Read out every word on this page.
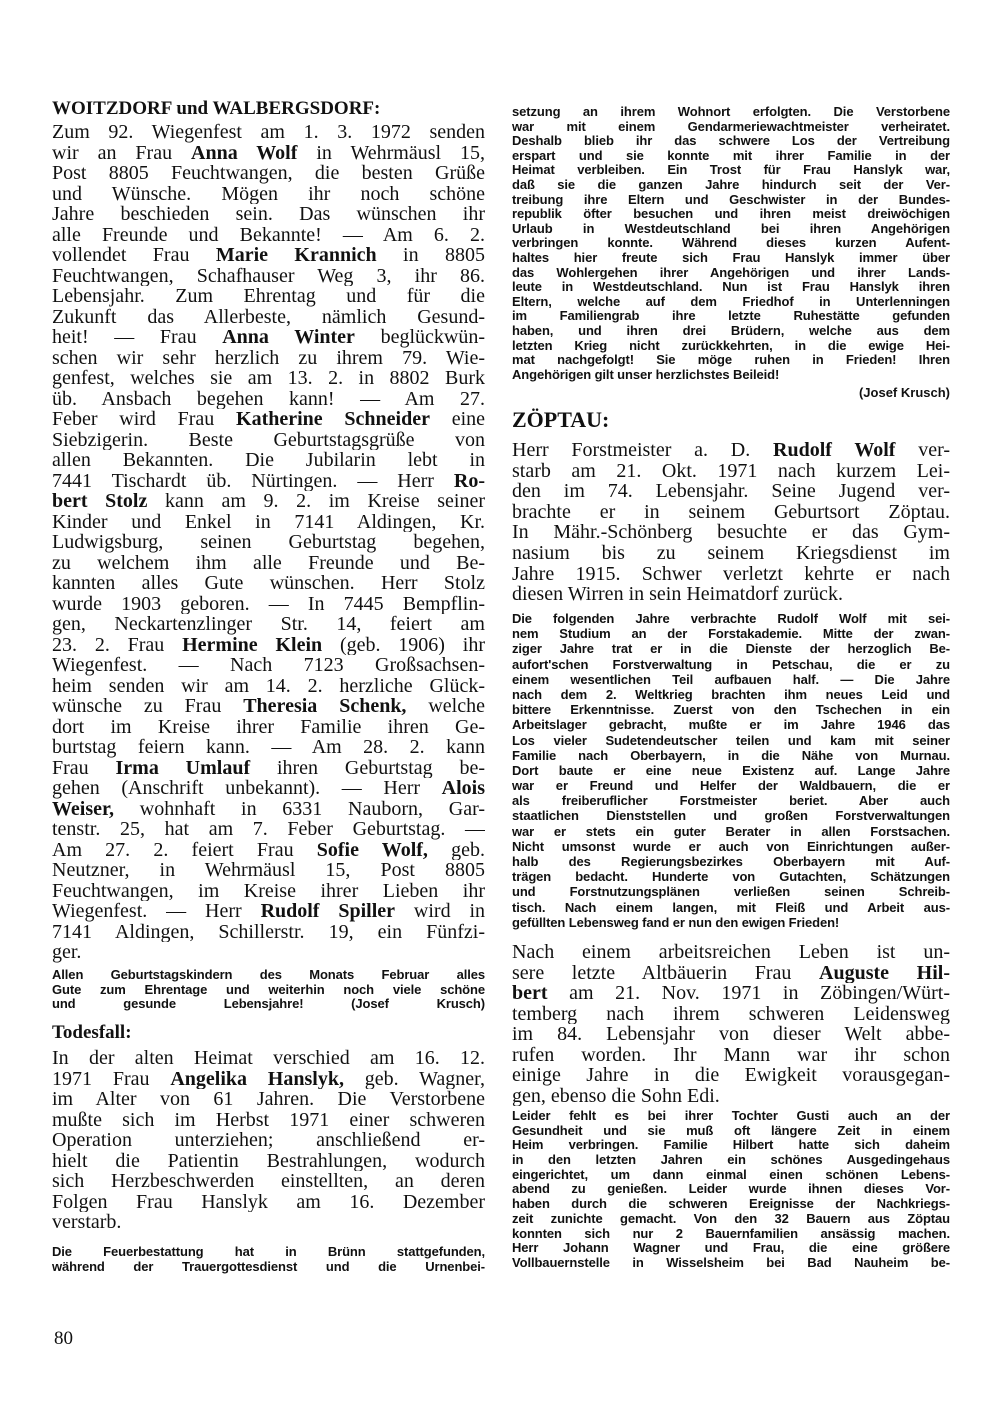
WOITZDORF und WALBERGSDORF:
Zum 92. Wiegenfest am 1. 3. 1972 senden
wir an Frau Anna Wolf in Wehrmäusl 15,
Post 8805 Feuchtwangen, die besten Grüße
und Wünsche. Mögen ihr noch schöne
Jahre beschieden sein. Das wünschen ihr
alle Freunde und Bekannte! — Am 6. 2.
vollendet Frau Marie Krannich in 8805
Feuchtwangen, Schafhauser Weg 3, ihr 86.
Lebensjahr. Zum Ehrentag und für die
Zukunft das Allerbeste, nämlich Gesund-
heit! — Frau Anna Winter beglückwün-
schen wir sehr herzlich zu ihrem 79. Wie-
genfest, welches sie am 13. 2. in 8802 Burk
üb. Ansbach begehen kann! — Am 27.
Feber wird Frau Katherine Schneider eine
Siebzigerin. Beste Geburtstagsgrüße von
allen Bekannten. Die Jubilarin lebt in
7441 Tischardt üb. Nürtingen. — Herr Ro-
bert Stolz kann am 9. 2. im Kreise seiner
Kinder und Enkel in 7141 Aldingen, Kr.
Ludwigsburg, seinen Geburtstag begehen,
zu welchem ihm alle Freunde und Be-
kannten alles Gute wünschen. Herr Stolz
wurde 1903 geboren. — In 7445 Bempflin-
gen, Neckartenzlinger Str. 14, feiert am
23. 2. Frau Hermine Klein (geb. 1906) ihr
Wiegenfest. — Nach 7123 Großsachsen-
heim senden wir am 14. 2. herzliche Glück-
wünsche zu Frau Theresia Schenk, welche
dort im Kreise ihrer Familie ihren Ge-
burtstag feiern kann. — Am 28. 2. kann
Frau Irma Umlauf ihren Geburtstag be-
gehen (Anschrift unbekannt). — Herr Alois
Weiser, wohnhaft in 6331 Nauborn, Gar-
tenstr. 25, hat am 7. Feber Geburtstag. —
Am 27. 2. feiert Frau Sofie Wolf, geb.
Neutzner, in Wehrmäusl 15, Post 8805
Feuchtwangen, im Kreise ihrer Lieben ihr
Wiegenfest. — Herr Rudolf Spiller wird in
7141 Aldingen, Schillerstr. 19, ein Fünfzi-
ger.
Allen Geburtstagskindern des Monats Februar alles
Gute zum Ehrentage und weiterhin noch viele schöne
und gesunde Lebensjahre! (Josef Krusch)
Todesfall:
In der alten Heimat verschied am 16. 12.
1971 Frau Angelika Hanslyk, geb. Wagner,
im Alter von 61 Jahren. Die Verstorbene
mußte sich im Herbst 1971 einer schweren
Operation unterziehen; anschließend er-
hielt die Patientin Bestrahlungen, wodurch
sich Herzbeschwerden einstellten, an deren
Folgen Frau Hanslyk am 16. Dezember
verstarb.
Die Feuerbestattung hat in Brünn stattgefunden,
während der Trauergottesdienst und die Urnenbei-
80
setzung an ihrem Wohnort erfolgten. Die Verstorbene
war mit einem Gendarmeriewachtmeister verheiratet.
Deshalb blieb ihr das schwere Los der Vertreibung
erspart und sie konnte mit ihrer Familie in der
Heimat verbleiben. Ein Trost für Frau Hanslyk war,
daß sie die ganzen Jahre hindurch seit der Ver-
treibung ihre Eltern und Geschwister in der Bundes-
republik öfter besuchen und ihren meist dreiwöchigen
Urlaub in Westdeutschland bei ihren Angehörigen
verbringen konnte. Während dieses kurzen Aufent-
haltes hier freute sich Frau Hanslyk immer über
das Wohlergehen ihrer Angehörigen und ihrer Lands-
leute in Westdeutschland. Nun ist Frau Hanslyk ihren
Eltern, welche auf dem Friedhof in Unterlenningen
im Familiengrab ihre letzte Ruhestätte gefunden
haben, und ihren drei Brüdern, welche aus dem
letzten Krieg nicht zurückkehrten, in die ewige Hei-
mat nachgefolgt! Sie möge ruhen in Frieden! Ihren
Angehörigen gilt unser herzlichstes Beileid!
(Josef Krusch)
ZÖPTAU:
Herr Forstmeister a. D. Rudolf Wolf ver-
starb am 21. Okt. 1971 nach kurzem Lei-
den im 74. Lebensjahr. Seine Jugend ver-
brachte er in seinem Geburtsort Zöptau.
In Mähr.-Schönberg besuchte er das Gym-
nasium bis zu seinem Kriegsdienst im
Jahre 1915. Schwer verletzt kehrte er nach
diesen Wirren in sein Heimatdorf zurück.
Die folgenden Jahre verbrachte Rudolf Wolf mit sei-
nem Studium an der Forstakademie. Mitte der zwan-
ziger Jahre trat er in die Dienste der herzoglich Be-
aufort'schen Forstverwaltung in Petschau, die er zu
einem wesentlichen Teil aufbauen half. — Die Jahre
nach dem 2. Weltkrieg brachten ihm neues Leid und
bittere Erkenntnisse. Zuerst von den Tschechen in ein
Arbeitslager gebracht, mußte er im Jahre 1946 das
Los vieler Sudetendeutscher teilen und kam mit seiner
Familie nach Oberbayern, in die Nähe von Murnau.
Dort baute er eine neue Existenz auf. Lange Jahre
war er Freund und Helfer der Waldbauern, die er
als freiberuflicher Forstmeister beriet. Aber auch
staatlichen Dienststellen und großen Forstverwaltungen
war er stets ein guter Berater in allen Forstsachen.
Nicht umsonst wurde er auch von Einrichtungen außer-
halb des Regierungsbezirkes Oberbayern mit Auf-
trägen bedacht. Hunderte von Gutachten, Schätzungen
und Forstnutzungsplänen verließen seinen Schreib-
tisch. Nach einem langen, mit Fleiß und Arbeit aus-
gefüllten Lebensweg fand er nun den ewigen Frieden!
Nach einem arbeitsreichen Leben ist un-
sere letzte Altbäuerin Frau Auguste Hil-
bert am 21. Nov. 1971 in Zöbingen/Würt-
temberg nach ihrem schweren Leidensweg
im 84. Lebensjahr von dieser Welt abbe-
rufen worden. Ihr Mann war ihr schon
einige Jahre in die Ewigkeit vorausgegan-
gen, ebenso die Sohn Edi.
Leider fehlt es bei ihrer Tochter Gusti auch an der
Gesundheit und sie muß oft längere Zeit in einem
Heim verbringen. Familie Hilbert hatte sich daheim
in den letzten Jahren ein schönes Ausgedingehaus
eingerichtet, um dann einmal einen schönen Lebens-
abend zu genießen. Leider wurde ihnen dieses Vor-
haben durch die schweren Ereignisse der Nachkriegs-
zeit zunichte gemacht. Von den 32 Bauern aus Zöptau
konnten sich nur 2 Bauernfamilien ansässig machen.
Herr Johann Wagner und Frau, die eine größere
Vollbauernstelle in Wisselsheim bei Bad Nauheim be-
